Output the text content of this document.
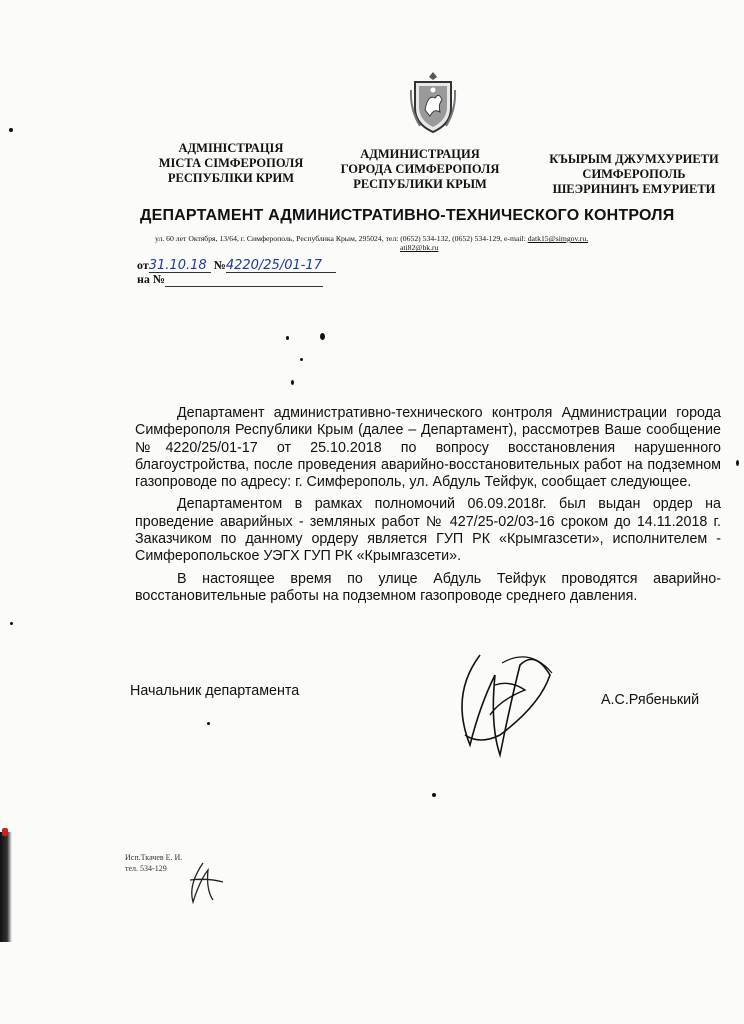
АДМІНІСТРАЦІЯ
МІСТА СІМФЕРОПОЛЯ
РЕСПУБЛІКИ КРИМ
АДМИНИСТРАЦИЯ
ГОРОДА СИМФЕРОПОЛЯ
РЕСПУБЛИКИ КРЫМ
КЪЫРЫМ ДЖУМХУРИЕТИ
СИМФЕРОПОЛЬ
ШЕЭРИНИНЪ ЕМУРИЕТИ
ДЕПАРТАМЕНТ АДМИНИСТРАТИВНО-ТЕХНИЧЕСКОГО КОНТРОЛЯ
ул. 60 лет Октября, 13/64, г. Симферополь, Республика Крым, 295024, тел: (0652) 534-132, (0652) 534-129, e-mail: datk15@simgov.ru,
ati82@bk.ru
от31.10.18 №4220/25/01-17
на №

Департамент административно-технического контроля Администрации города Симферополя Республики Крым (далее – Департамент), рассмотрев Ваше сообщение №4220/25/01-17 от 25.10.2018 по вопросу восстановления нарушенного благоустройства, после проведения аварийно-восстановительных работ на подземном газопроводе по адресу: г. Симферополь, ул. Абдуль Тейфук, сообщает следующее.

Департаментом в рамках полномочий 06.09.2018г. был выдан ордер на проведение аварийных - земляных работ № 427/25-02/03-16 сроком до 14.11.2018 г. Заказчиком по данному ордеру является ГУП РК «Крымгазсети», исполнителем - Симферопольское УЭГХ ГУП РК «Крымгазсети».

В настоящее время по улице Абдуль Тейфук проводятся аварийно-восстановительные работы на подземном газопроводе среднего давления.

Начальник департамента
А.С.Рябенький
Исп.Ткачев Е. И.
тел. 534-129
